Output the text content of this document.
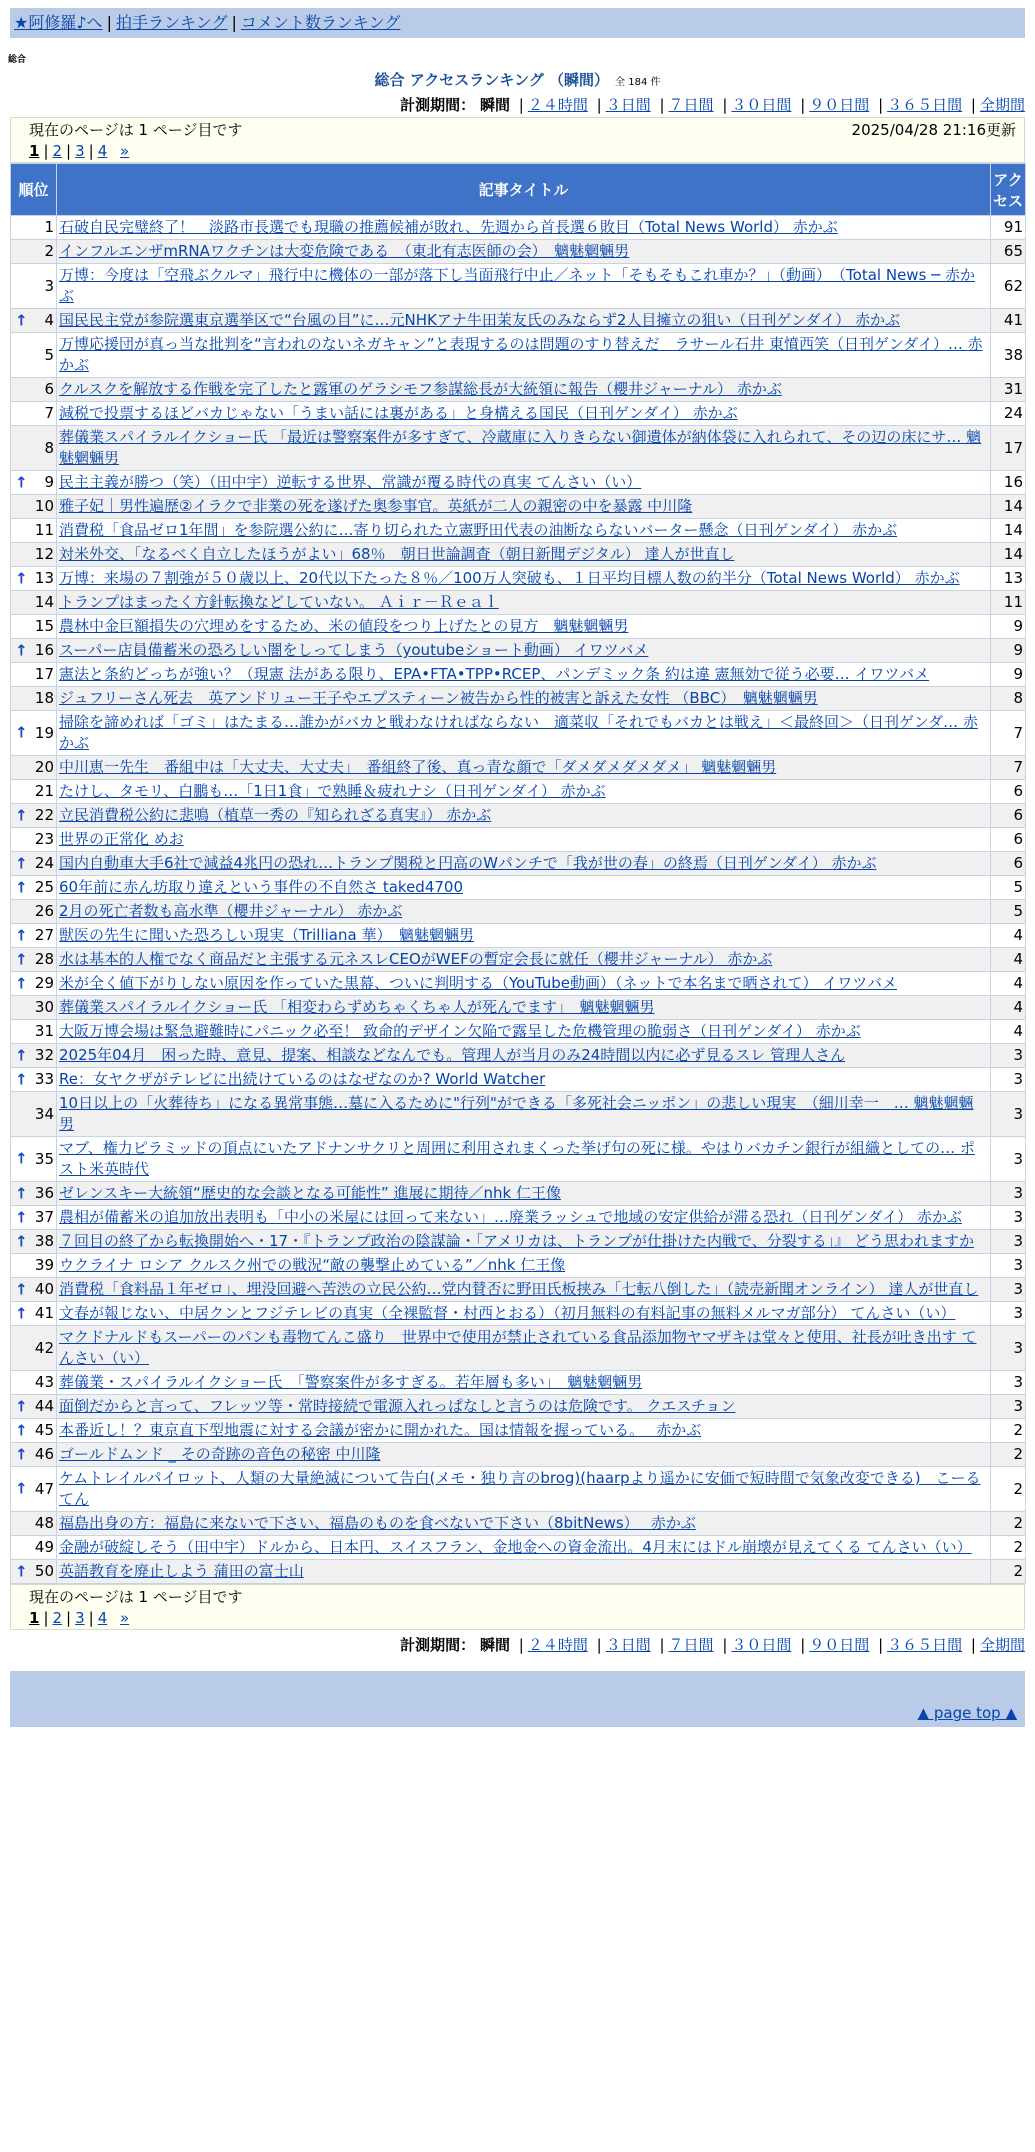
★阿修羅♪へ | 拍手ランキング | コメント数ランキング
総合
総合 アクセスランキング （瞬間） 全 184 件
計測期間： 瞬間 | ２４時間 | ３日間 | ７日間 | ３０日間 | ９０日間 | ３６５日間 | 全期間
現在のページは 1 ページ目です	2025/04/28 21:16更新
1 | 2 | 3 | 4 »
順位	記事タイトル	アクセス
1	石破自民完璧終了！　淡路市長選でも現職の推薦候補が敗れ、先週から首長選６敗目（Total News World） 赤かぶ	91
2	インフルエンザmRNAワクチンは大変危険である　（東北有志医師の会）　魑魅魍魎男	65
3	万博：今度は「空飛ぶクルマ」飛行中に機体の一部が落下し当面飛行中止／ネット「そもそもこれ車か？」（動画）　（Total News ─ 赤かぶ	62

↑ 4	国民民主党が参院選東京選挙区で“台風の目”に…元NHKアナ牛田茉友氏のみならず2人目擁立の狙い（日刊ゲンダイ） 赤かぶ	41
5	万博応援団が真っ当な批判を“言われのないネガキャン”と表現するのは問題のすり替えだ　ラサール石井 東憤西笑（日刊ゲンダイ）… 赤かぶ	38
6	クルスクを解放する作戦を完了したと露軍のゲラシモフ参謀総長が大統領に報告（櫻井ジャーナル） 赤かぶ	31
7	減税で投票するほどバカじゃない「うまい話には裏がある」と身構える国民（日刊ゲンダイ） 赤かぶ	24
8	葬儀業スパイラルイクショー氏 「最近は警察案件が多すぎて、冷蔵庫に入りきらない御遺体が納体袋に入れられて、その辺の床にサ… 魑魅魍魎男	17

↑ 9	民主主義が勝つ（笑）（田中宇）逆転する世界、常識が覆る時代の真実 てんさい（い）	16
10	雅子妃｜男性遍歴②イラクで非業の死を遂げた奥参事官。英紙が二人の親密の中を暴露 中川隆	14
11	消費税「食品ゼロ1年間」を参院選公約に…寄り切られた立憲野田代表の油断ならないバーター懸念（日刊ゲンダイ） 赤かぶ	14
12	対米外交、「なるべく自立したほうがよい」68％　朝日世論調査（朝日新聞デジタル） 達人が世直し	14

↑ 13	万博：来場の７割強が５０歳以上、20代以下たった８％／100万人突破も、１日平均目標人数の約半分（Total News World） 赤かぶ	13
14	トランプはまったく方針転換などしていない。 Ａｉｒ－Ｒｅａｌ	11
15	農林中金巨額損失の穴埋めをするため、米の値段をつり上げたとの見方　魑魅魍魎男	9

↑ 16	スーパー店員備蓄米の恐ろしい闇をしってしまう（youtubeショート動画） イワツバメ	9
17	憲法と条約どっちが強い？（現憲 法がある限り、EPA•FTA•TPP•RCEP、パンデミック条 約は違 憲無効で従う必要… イワツバメ	9
18	ジュフリーさん死去　英アンドリュー王子やエプスティーン被告から性的被害と訴えた女性 （BBC）　魑魅魍魎男	8

↑ 19	掃除を諦めれば「ゴミ」はたまる…誰かがバカと戦わなければならない　適菜収「それでもバカとは戦え」＜最終回＞（日刊ゲンダ… 赤かぶ	7
20	中川恵一先生　番組中は「大丈夫、大丈夫」　番組終了後、真っ青な顔で「ダメダメダメダメ」 魑魅魍魎男	7
21	たけし、タモリ、白鵬も…「1日1食」で熟睡＆疲れナシ（日刊ゲンダイ） 赤かぶ	6

↑ 22	立民消費税公約に悲鳴（植草一秀の『知られざる真実』） 赤かぶ	6
23	世界の正常化 めお	6

↑ 24	国内自動車大手6社で減益4兆円の恐れ…トランプ関税と円高のWパンチで「我が世の春」の終焉（日刊ゲンダイ） 赤かぶ	6

↑ 25	60年前に赤ん坊取り違えという事件の不自然さ taked4700	5
26	2月の死亡者数も高水準（櫻井ジャーナル） 赤かぶ	5

↑ 27	獣医の先生に聞いた恐ろしい現実（Trilliana 華）　魑魅魍魎男	4

↑ 28	水は基本的人権でなく商品だと主張する元ネスレCEOがWEFの暫定会長に就任（櫻井ジャーナル） 赤かぶ	4

↑ 29	米が全く値下がりしない原因を作っていた黒幕、ついに判明する（YouTube動画）（ネットで本名まで晒されて） イワツバメ	4
30	葬儀業スパイラルイクショー氏 「相変わらずめちゃくちゃ人が死んでます」　魑魅魍魎男	4
31	大阪万博会場は緊急避難時にパニック必至！ 致命的デザイン欠陥で露呈した危機管理の脆弱さ（日刊ゲンダイ） 赤かぶ	4

↑ 32	2025年04月　困った時、意見、提案、相談などなんでも。管理人が当月のみ24時間以内に必ず見るスレ 管理人さん	3

↑ 33	Re：女ヤクザがテレビに出続けているのはなぜなのか? World Watcher	3
34	10日以上の「火葬待ち」になる異常事態…墓に入るために"行列"ができる「多死社会ニッポン」の悲しい現実　（細川幸一　… 魑魅魍魎男	3

↑ 35	マブ、権力ピラミッドの頂点にいたアドナンサクリと周囲に利用されまくった挙げ句の死に様。やはりバカチン銀行が組織としての… ポスト米英時代	3

↑ 36	ゼレンスキー大統領“歴史的な会談となる可能性” 進展に期待／nhk 仁王像	3

↑ 37	農相が備蓄米の追加放出表明も「中小の米屋には回って来ない」…廃業ラッシュで地域の安定供給が滞る恐れ（日刊ゲンダイ） 赤かぶ	3

↑ 38	７回目の終了から転換開始へ・17・『トランプ政治の陰謀論・「アメリカは、トランプが仕掛けた内戦で、分裂する」』 どう思われますか	3
39	ウクライナ ロシア クルスク州での戦況“敵の襲撃止めている”／nhk 仁王像	3

↑ 40	消費税「食料品１年ゼロ」、埋没回避へ苦渋の立民公約…党内賛否に野田氏板挟み「七転八倒した」（読売新聞オンライン） 達人が世直し	3

↑ 41	文春が報じない、中居クンとフジテレビの真実（全裸監督・村西とおる）（初月無料の有料記事の無料メルマガ部分） てんさい（い）	3
42	マクドナルドもスーパーのパンも毒物てんこ盛り　世界中で使用が禁止されている食品添加物ヤマザキは堂々と使用、社長が吐き出す てんさい（い）	3
43	葬儀業・スパイラルイクショー氏　「警察案件が多すぎる。若年層も多い」　魑魅魍魎男	3

↑ 44	面倒だからと言って、フレッツ等・常時接続で電源入れっぱなしと言うのは危険です。 クエスチョン	3

↑ 45	本番近し！？東京直下型地震に対する会議が密かに開かれた。国は情報を握っている。　 赤かぶ	2

↑ 46	ゴールドムンド _ その奇跡の音色の秘密 中川隆	2

↑ 47	ケムトレイルパイロット、人類の大量絶滅について告白(メモ・独り言のbrog)(haarpより遥かに安価で短時間で気象改変できる)　こーるてん	2
48	福島出身の方：福島に来ないで下さい、福島のものを食べないで下さい（8bitNews）　 赤かぶ	2
49	金融が破綻しそう（田中宇）ドルから、日本円、スイスフラン、金地金への資金流出。4月末にはドル崩壊が見えてくる てんさい（い）	2

↑ 50	英語教育を廃止しよう 蒲田の富士山	2
現在のページは 1 ページ目です
1 | 2 | 3 | 4 »
計測期間： 瞬間 | ２４時間 | ３日間 | ７日間 | ３０日間 | ９０日間 | ３６５日間 | 全期間
▲ page top ▲
